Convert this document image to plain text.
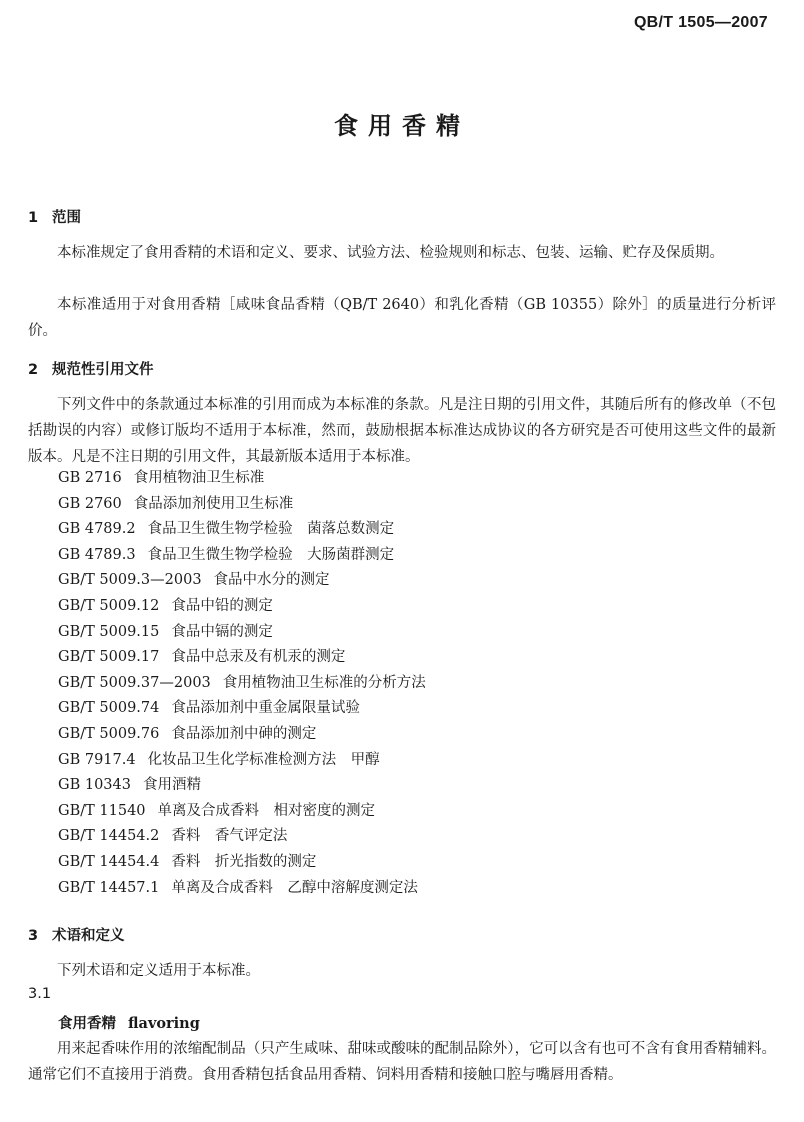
QB/T 1505—2007
食用香精
1 范围

本标准规定了食用香精的术语和定义、要求、试验方法、检验规则和标志、包装、运输、贮存及保质期。

本标准适用于对食用香精［咸味食品香精（QB/T 2640）和乳化香精（GB 10355）除外］的质量进行分析评价。

2 规范性引用文件

下列文件中的条款通过本标准的引用而成为本标准的条款。凡是注日期的引用文件，其随后所有的修改单（不包括勘误的内容）或修订版均不适用于本标准，然而，鼓励根据本标准达成协议的各方研究是否可使用这些文件的最新版本。凡是不注日期的引用文件，其最新版本适用于本标准。

GB 2716 食用植物油卫生标准
GB 2760 食品添加剂使用卫生标准
GB 4789.2 食品卫生微生物学检验　菌落总数测定
GB 4789.3 食品卫生微生物学检验　大肠菌群测定
GB/T 5009.3—2003 食品中水分的测定
GB/T 5009.12 食品中铅的测定
GB/T 5009.15 食品中镉的测定
GB/T 5009.17 食品中总汞及有机汞的测定
GB/T 5009.37—2003 食用植物油卫生标准的分析方法
GB/T 5009.74 食品添加剂中重金属限量试验
GB/T 5009.76 食品添加剂中砷的测定
GB 7917.4 化妆品卫生化学标准检测方法　甲醇
GB 10343 食用酒精
GB/T 11540 单离及合成香料　相对密度的测定
GB/T 14454.2 香料　香气评定法
GB/T 14454.4 香料　折光指数的测定
GB/T 14457.1 单离及合成香料　乙醇中溶解度测定法
3 术语和定义

下列术语和定义适用于本标准。

3.1
食用香精 flavoring

用来起香味作用的浓缩配制品（只产生咸味、甜味或酸味的配制品除外），它可以含有也可不含有食用香精辅料。通常它们不直接用于消费。食用香精包括食品用香精、饲料用香精和接触口腔与嘴唇用香精。
